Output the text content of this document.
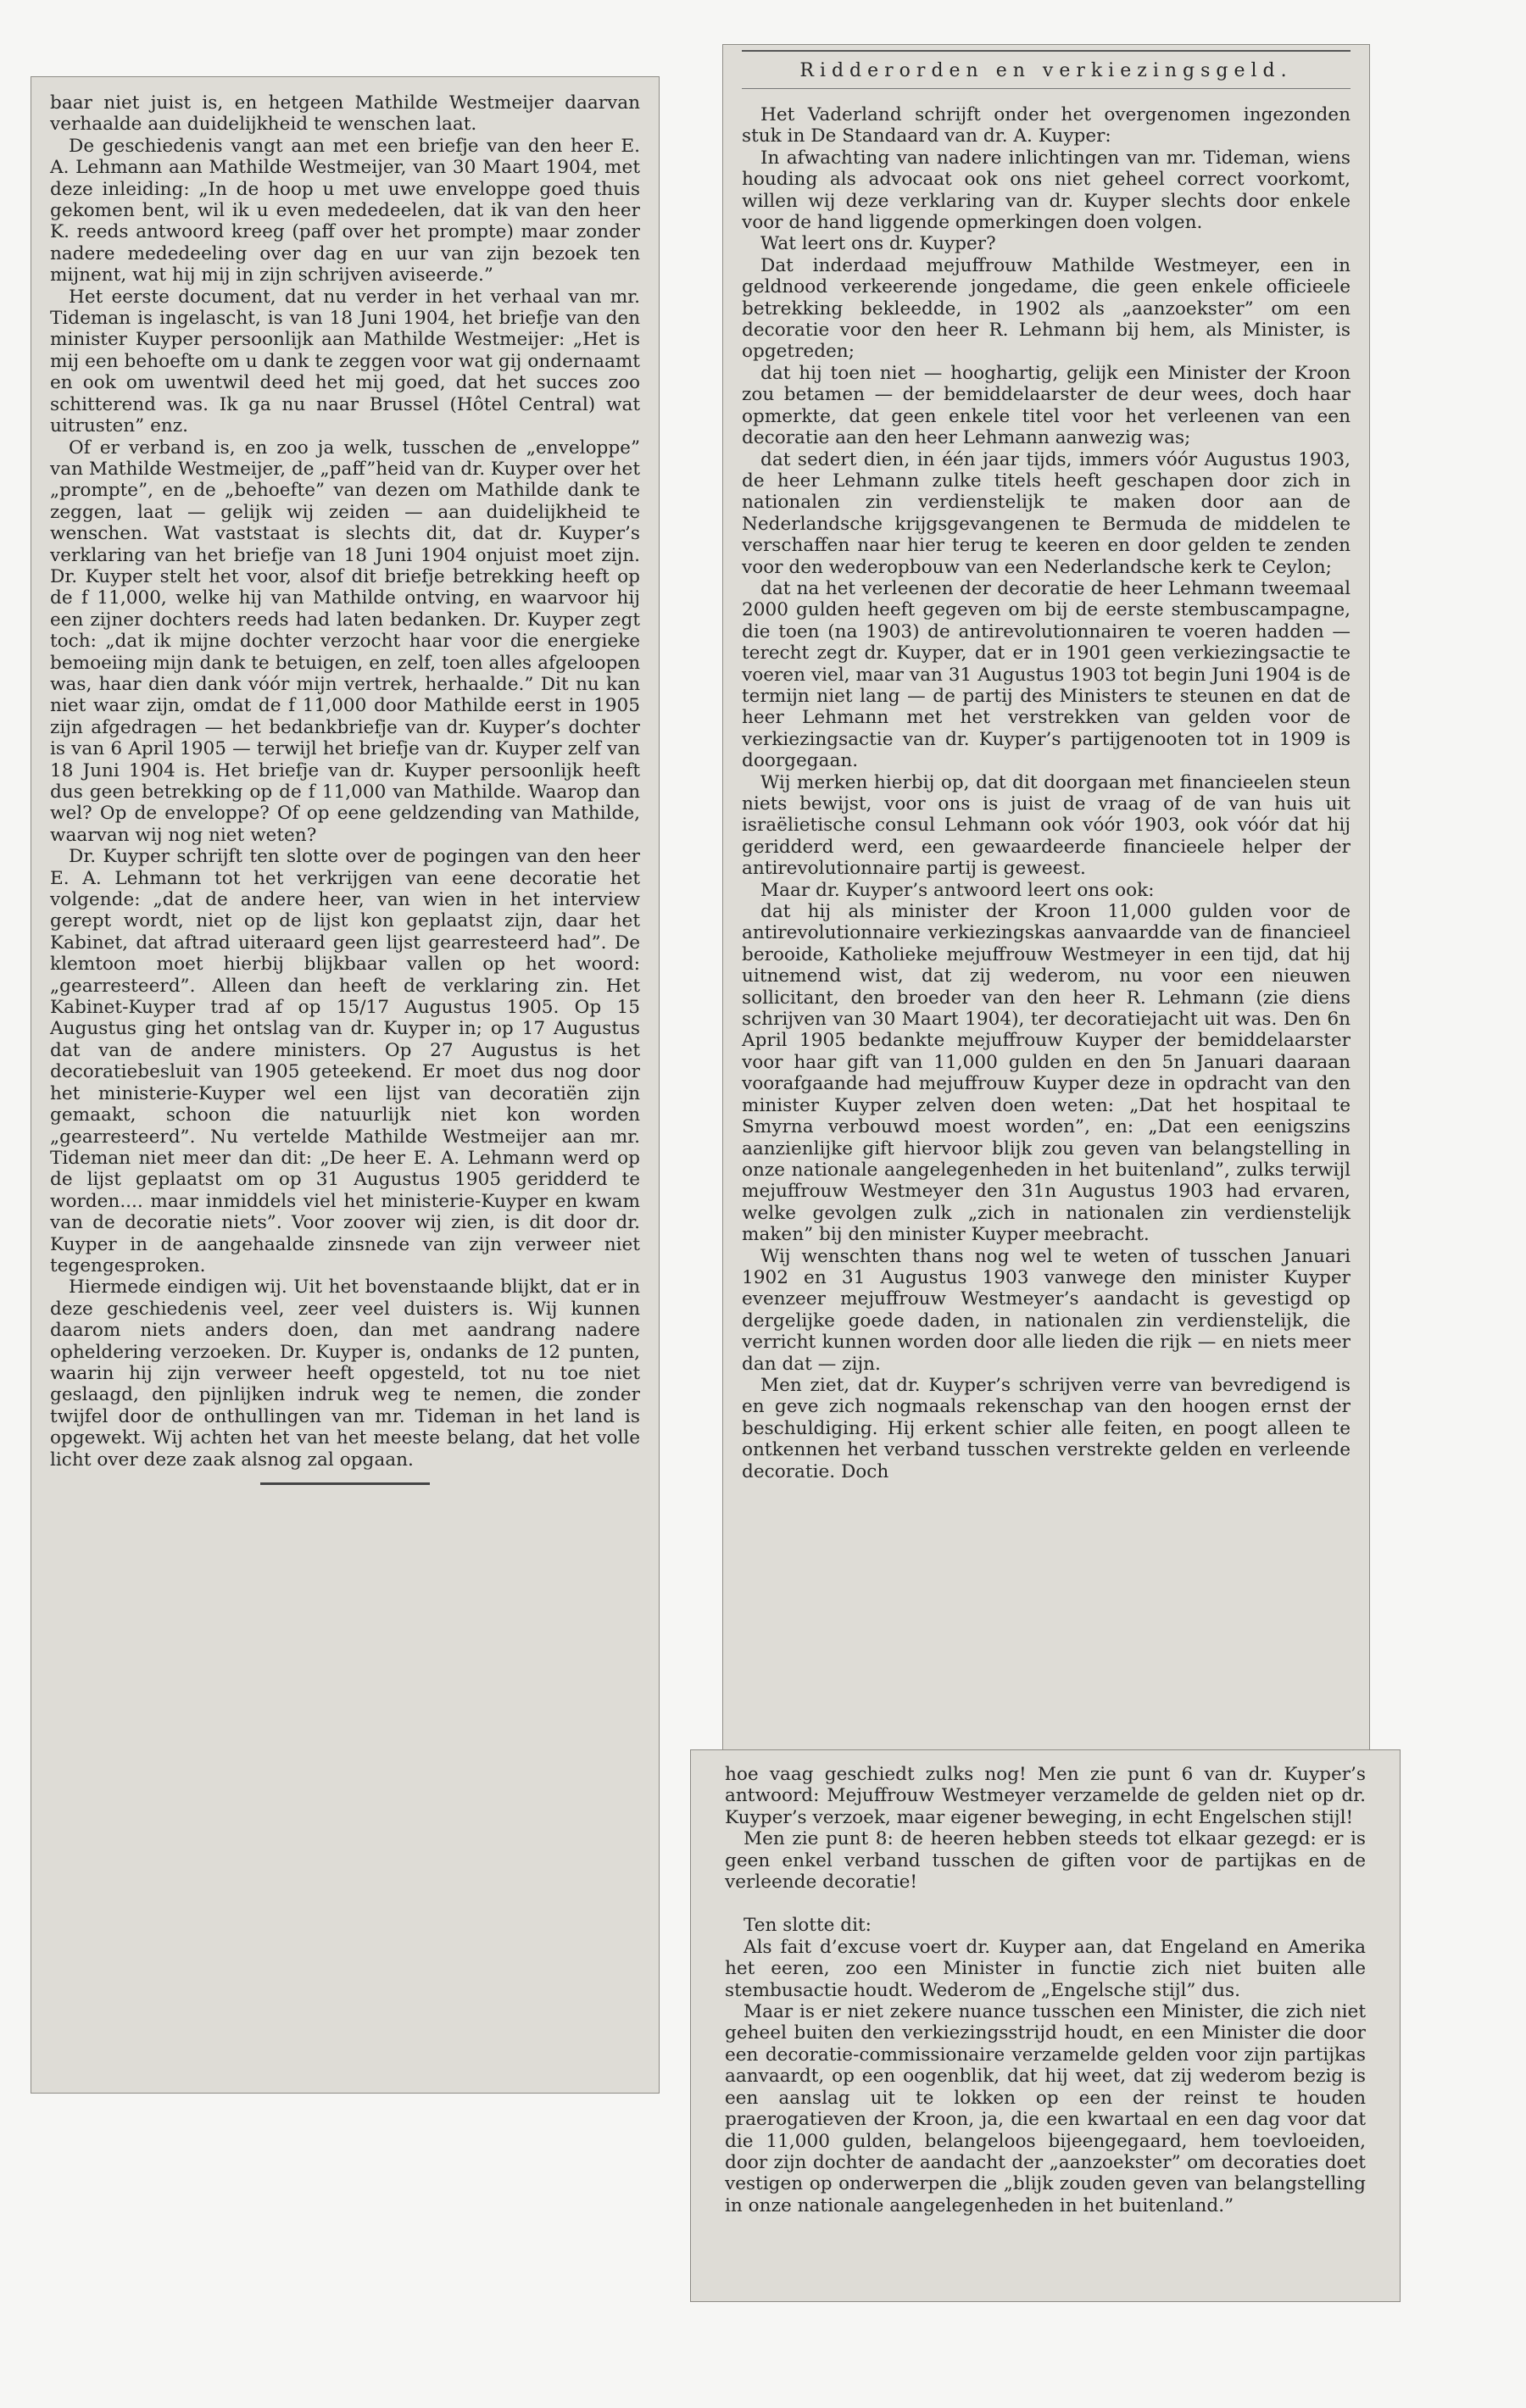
baar niet juist is, en hetgeen Mathilde Westmeijer daarvan verhaalde aan duidelijkheid te wenschen laat.

De geschiedenis vangt aan met een briefje van den heer E. A. Lehmann aan Mathilde Westmeijer, van 30 Maart 1904, met deze inleiding: „In de hoop u met uwe enveloppe goed thuis gekomen bent, wil ik u even mededeelen, dat ik van den heer K. reeds antwoord kreeg (paff over het prompte) maar zonder nadere mededeeling over dag en uur van zijn bezoek ten mijnent, wat hij mij in zijn schrijven aviseerde.”

Het eerste document, dat nu verder in het verhaal van mr. Tideman is ingelascht, is van 18 Juni 1904, het briefje van den minister Kuyper persoonlijk aan Mathilde Westmeijer: „Het is mij een behoefte om u dank te zeggen voor wat gij ondernaamt en ook om uwentwil deed het mij goed, dat het succes zoo schitterend was. Ik ga nu naar Brussel (Hôtel Central) wat uitrusten” enz.

Of er verband is, en zoo ja welk, tusschen de „enveloppe” van Mathilde Westmeijer, de „paff”heid van dr. Kuyper over het „prompte”, en de „behoefte” van dezen om Mathilde dank te zeggen, laat — gelijk wij zeiden — aan duidelijkheid te wenschen. Wat vaststaat is slechts dit, dat dr. Kuyper’s verklaring van het briefje van 18 Juni 1904 onjuist moet zijn. Dr. Kuyper stelt het voor, alsof dit briefje betrekking heeft op de f 11,000, welke hij van Mathilde ontving, en waarvoor hij een zijner dochters reeds had laten bedanken. Dr. Kuyper zegt toch: „dat ik mijne dochter verzocht haar voor die energieke bemoeiing mijn dank te betuigen, en zelf, toen alles afgeloopen was, haar dien dank vóór mijn vertrek, herhaalde.” Dit nu kan niet waar zijn, omdat de f 11,000 door Mathilde eerst in 1905 zijn afgedragen — het bedankbriefje van dr. Kuyper’s dochter is van 6 April 1905 — terwijl het briefje van dr. Kuyper zelf van 18 Juni 1904 is. Het briefje van dr. Kuyper persoonlijk heeft dus geen betrekking op de f 11,000 van Mathilde. Waarop dan wel? Op de enveloppe? Of op eene geldzending van Mathilde, waarvan wij nog niet weten?

Dr. Kuyper schrijft ten slotte over de pogingen van den heer E. A. Lehmann tot het verkrijgen van eene decoratie het volgende: „dat de andere heer, van wien in het interview gerept wordt, niet op de lijst kon geplaatst zijn, daar het Kabinet, dat aftrad uiteraard geen lijst gearresteerd had”. De klemtoon moet hierbij blijkbaar vallen op het woord: „gearresteerd”. Alleen dan heeft de verklaring zin. Het Kabinet-Kuyper trad af op 15/17 Augustus 1905. Op 15 Augustus ging het ontslag van dr. Kuyper in; op 17 Augustus dat van de andere ministers. Op 27 Augustus is het decoratiebesluit van 1905 geteekend. Er moet dus nog door het ministerie-Kuyper wel een lijst van decoratiën zijn gemaakt, schoon die natuurlijk niet kon worden „gearresteerd”. Nu vertelde Mathilde Westmeijer aan mr. Tideman niet meer dan dit: „De heer E. A. Lehmann werd op de lijst geplaatst om op 31 Augustus 1905 geridderd te worden.... maar inmiddels viel het ministerie-Kuyper en kwam van de decoratie niets”. Voor zoover wij zien, is dit door dr. Kuyper in de aangehaalde zinsnede van zijn verweer niet tegengesproken.

Hiermede eindigen wij. Uit het bovenstaande blijkt, dat er in deze geschiedenis veel, zeer veel duisters is. Wij kunnen daarom niets anders doen, dan met aandrang nadere opheldering verzoeken. Dr. Kuyper is, ondanks de 12 punten, waarin hij zijn verweer heeft opgesteld, tot nu toe niet geslaagd, den pijnlijken indruk weg te nemen, die zonder twijfel door de onthullingen van mr. Tideman in het land is opgewekt. Wij achten het van het meeste belang, dat het volle licht over deze zaak alsnog zal opgaan.

Ridderorden en verkiezingsgeld.

Het Vaderland schrijft onder het overgenomen ingezonden stuk in De Standaard van dr. A. Kuyper:

In afwachting van nadere inlichtingen van mr. Tideman, wiens houding als advocaat ook ons niet geheel correct voorkomt, willen wij deze verklaring van dr. Kuyper slechts door enkele voor de hand liggende opmerkingen doen volgen.

Wat leert ons dr. Kuyper?

Dat inderdaad mejuffrouw Mathilde Westmeyer, een in geldnood verkeerende jongedame, die geen enkele officieele betrekking bekleedde, in 1902 als „aanzoekster” om een decoratie voor den heer R. Lehmann bij hem, als Minister, is opgetreden;

dat hij toen niet — hooghartig, gelijk een Minister der Kroon zou betamen — der bemiddelaarster de deur wees, doch haar opmerkte, dat geen enkele titel voor het verleenen van een decoratie aan den heer Lehmann aanwezig was;

dat sedert dien, in één jaar tijds, immers vóór Augustus 1903, de heer Lehmann zulke titels heeft geschapen door zich in nationalen zin verdienstelijk te maken door aan de Nederlandsche krijgsgevangenen te Bermuda de middelen te verschaffen naar hier terug te keeren en door gelden te zenden voor den wederopbouw van een Nederlandsche kerk te Ceylon;

dat na het verleenen der decoratie de heer Lehmann tweemaal 2000 gulden heeft gegeven om bij de eerste stembuscampagne, die toen (na 1903) de antirevolutionnairen te voeren hadden — terecht zegt dr. Kuyper, dat er in 1901 geen verkiezingsactie te voeren viel, maar van 31 Augustus 1903 tot begin Juni 1904 is de termijn niet lang — de partij des Ministers te steunen en dat de heer Lehmann met het verstrekken van gelden voor de verkiezingsactie van dr. Kuyper’s partijgenooten tot in 1909 is doorgegaan.

Wij merken hierbij op, dat dit doorgaan met financieelen steun niets bewijst, voor ons is juist de vraag of de van huis uit israëlietische consul Lehmann ook vóór 1903, ook vóór dat hij geridderd werd, een gewaardeerde financieele helper der antirevolutionnaire partij is geweest.

Maar dr. Kuyper’s antwoord leert ons ook:

dat hij als minister der Kroon 11,000 gulden voor de antirevolutionnaire verkiezingskas aanvaardde van de financieel berooide, Katholieke mejuffrouw Westmeyer in een tijd, dat hij uitnemend wist, dat zij wederom, nu voor een nieuwen sollicitant, den broeder van den heer R. Lehmann (zie diens schrijven van 30 Maart 1904), ter decoratiejacht uit was. Den 6n April 1905 bedankte mejuffrouw Kuyper der bemiddelaarster voor haar gift van 11,000 gulden en den 5n Januari daaraan voorafgaande had mejuffrouw Kuyper deze in opdracht van den minister Kuyper zelven doen weten: „Dat het hospitaal te Smyrna verbouwd moest worden”, en: „Dat een eenigszins aanzienlijke gift hiervoor blijk zou geven van belangstelling in onze nationale aangelegenheden in het buitenland”, zulks terwijl mejuffrouw Westmeyer den 31n Augustus 1903 had ervaren, welke gevolgen zulk „zich in nationalen zin verdienstelijk maken” bij den minister Kuyper meebracht.

Wij wenschten thans nog wel te weten of tusschen Januari 1902 en 31 Augustus 1903 vanwege den minister Kuyper evenzeer mejuffrouw Westmeyer’s aandacht is gevestigd op dergelijke goede daden, in nationalen zin verdienstelijk, die verricht kunnen worden door alle lieden die rijk — en niets meer dan dat — zijn.

Men ziet, dat dr. Kuyper’s schrijven verre van bevredigend is en geve zich nogmaals rekenschap van den hoogen ernst der beschuldiging. Hij erkent schier alle feiten, en poogt alleen te ontkennen het verband tusschen verstrekte gelden en verleende decoratie. Doch

hoe vaag geschiedt zulks nog! Men zie punt 6 van dr. Kuyper’s antwoord: Mejuffrouw Westmeyer verzamelde de gelden niet op dr. Kuyper’s verzoek, maar eigener beweging, in echt Engelschen stijl!

Men zie punt 8: de heeren hebben steeds tot elkaar gezegd: er is geen enkel verband tusschen de giften voor de partijkas en de verleende decoratie!

Ten slotte dit:

Als fait d’excuse voert dr. Kuyper aan, dat Engeland en Amerika het eeren, zoo een Minister in functie zich niet buiten alle stembusactie houdt. Wederom de „Engelsche stijl” dus.

Maar is er niet zekere nuance tusschen een Minister, die zich niet geheel buiten den verkiezingsstrijd houdt, en een Minister die door een decoratie-commissionaire verzamelde gelden voor zijn partijkas aanvaardt, op een oogenblik, dat hij weet, dat zij wederom bezig is een aanslag uit te lokken op een der reinst te houden praerogatieven der Kroon, ja, die een kwartaal en een dag voor dat die 11,000 gulden, belangeloos bijeengegaard, hem toevloeiden, door zijn dochter de aandacht der „aanzoekster” om decoraties doet vestigen op onderwerpen die „blijk zouden geven van belangstelling in onze nationale aangelegenheden in het buitenland.”
